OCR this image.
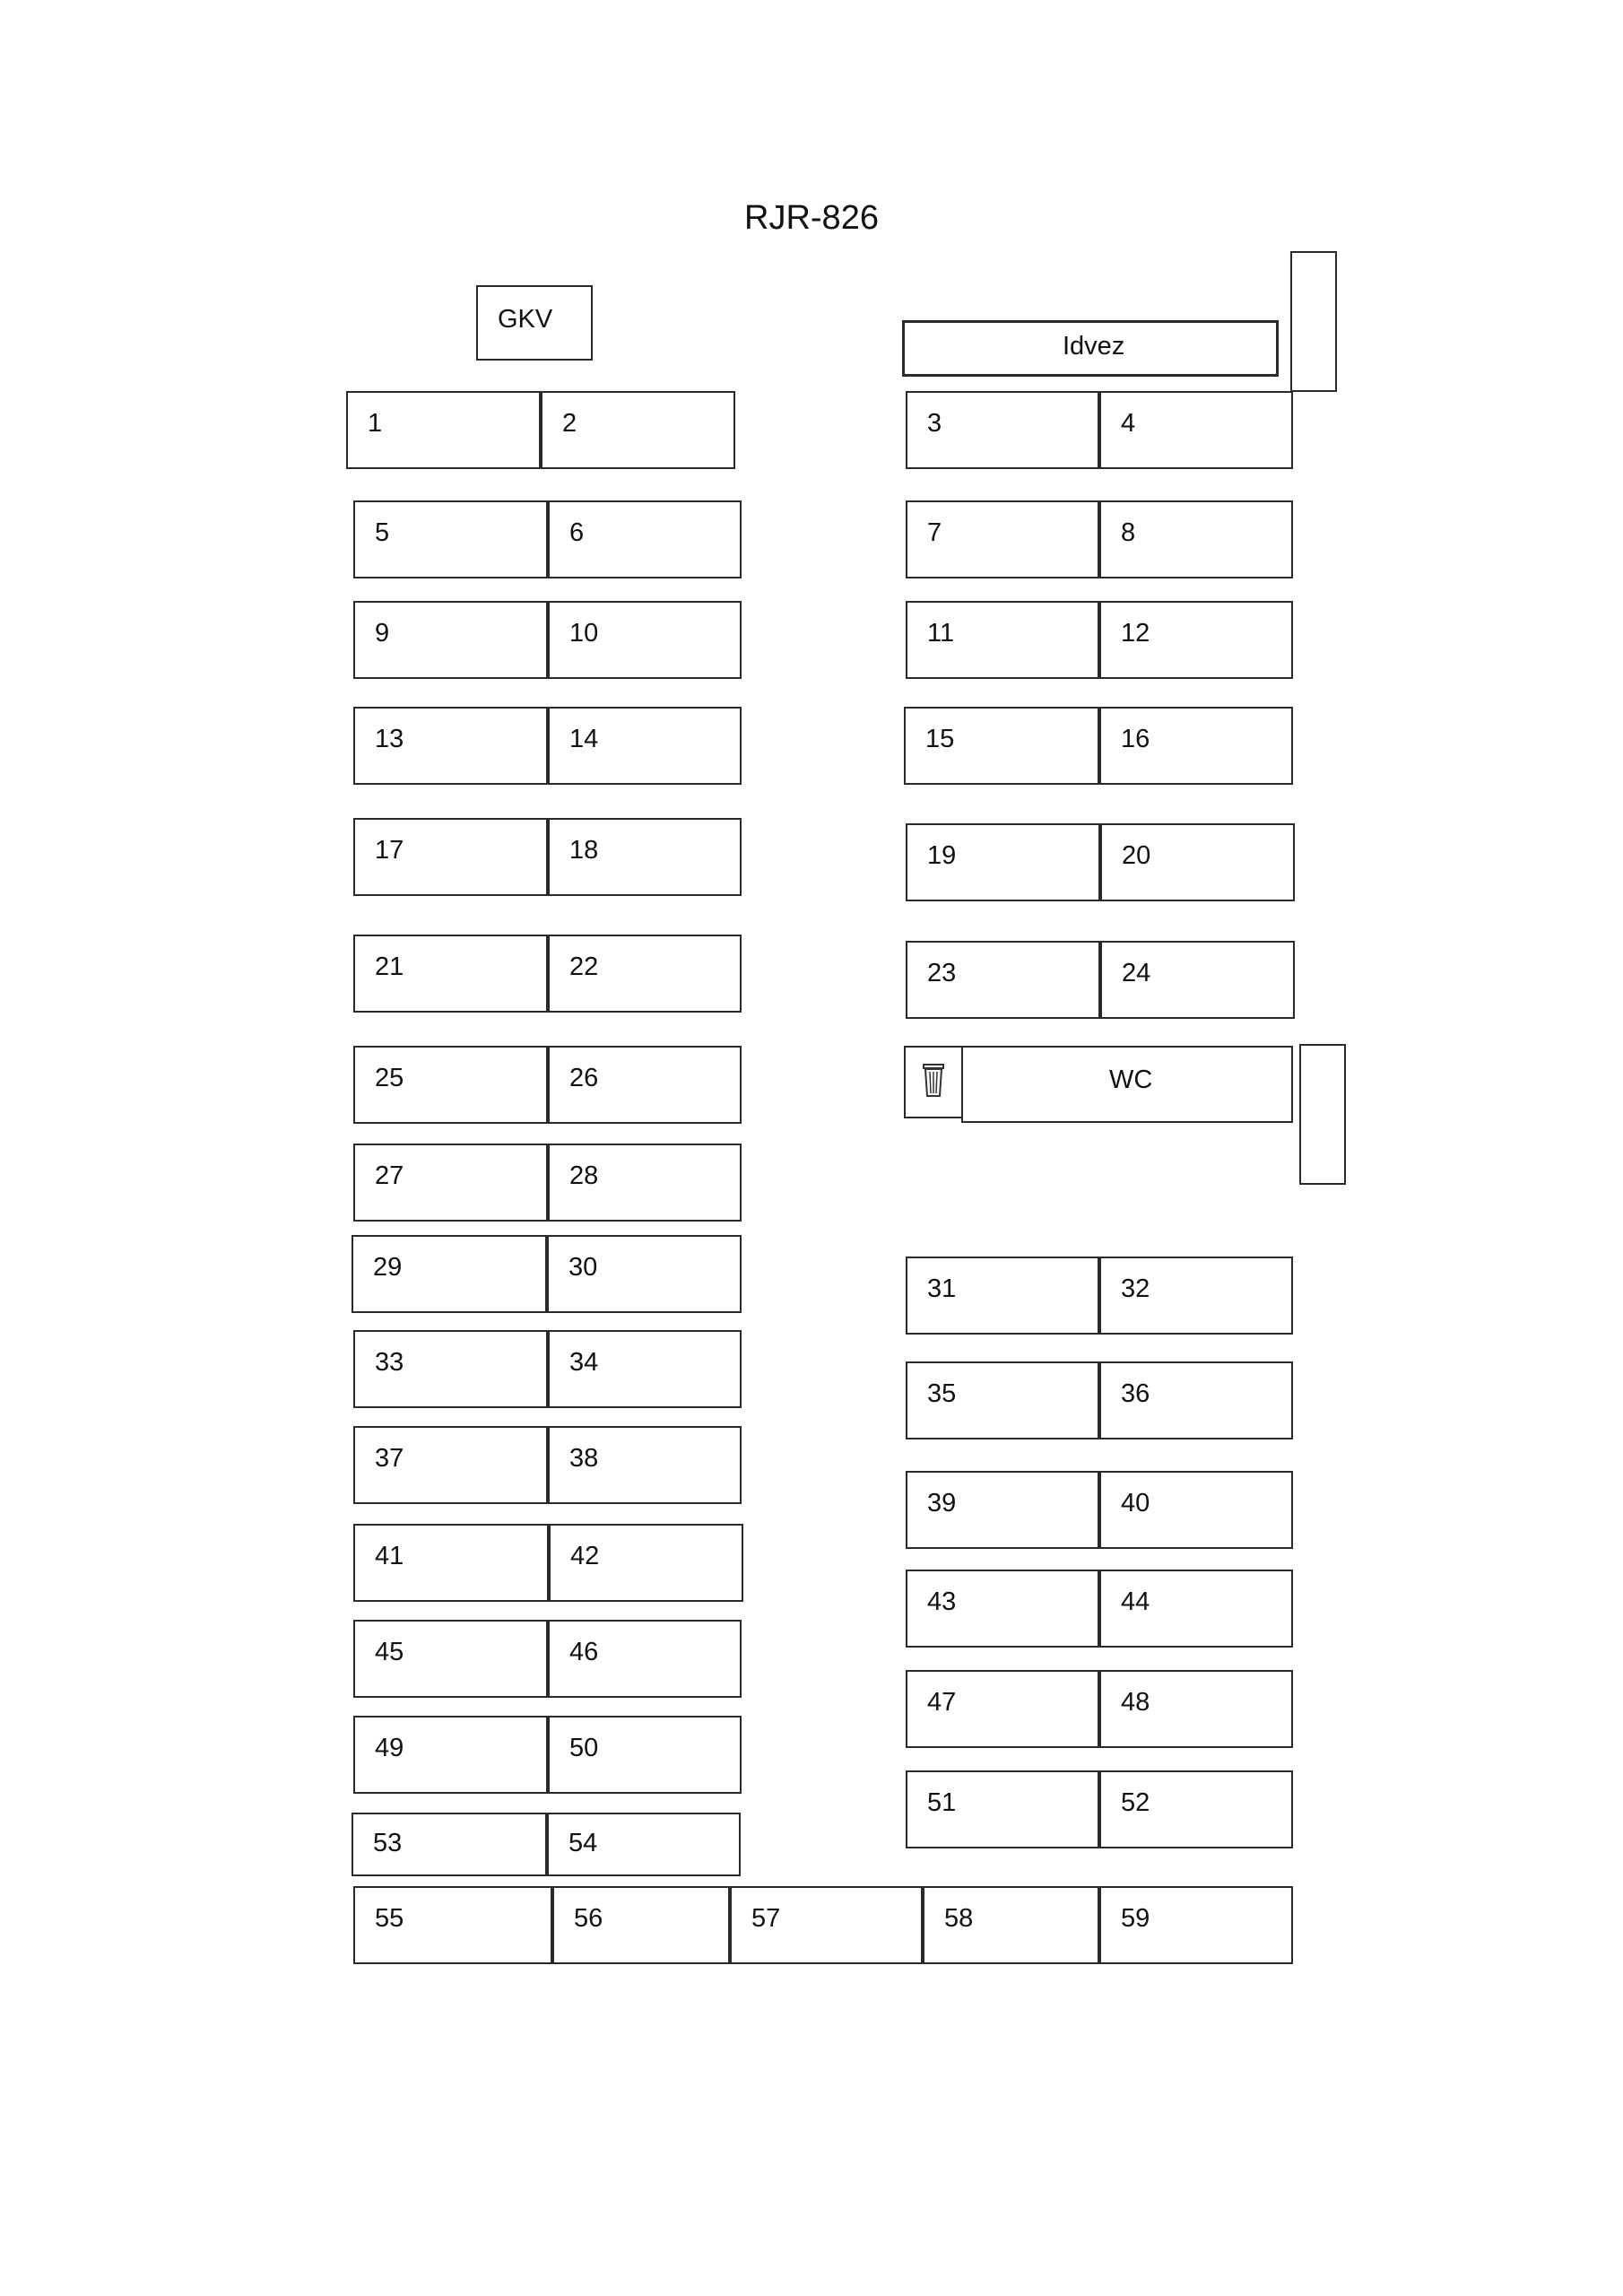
RJR-826
GKV
Idvez
WC
1	2	3	4
5	6	7	8
9	10	11	12
13	14	15	16
17	18	19	20
21	22	23	24
25	26
27	28
29	30
31	32
33	34
35	36
37	38
39	40
41	42
43	44
45	46
47	48
49	50
51	52
53	54
55	56	57	58	59
